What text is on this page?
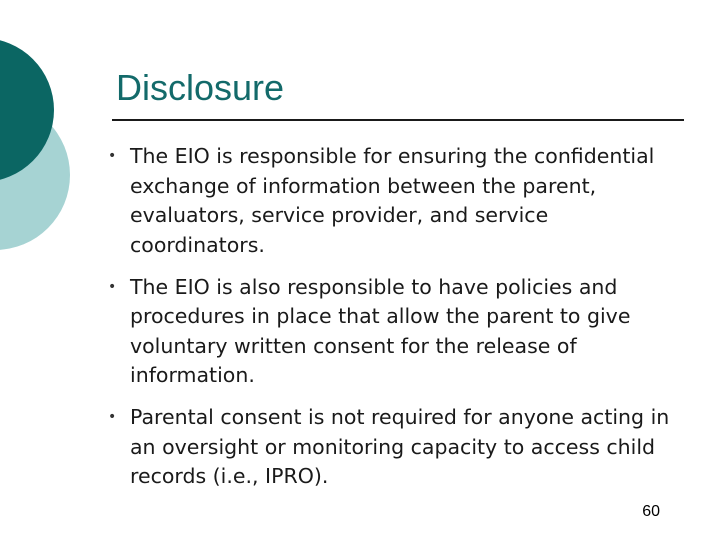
Disclosure
• The EIO is responsible for ensuring the confidential exchange of information between the parent, evaluators, service provider, and service coordinators.
• The EIO is also responsible to have policies and procedures in place that allow the parent to give voluntary written consent for the release of information.
• Parental consent is not required for anyone acting in an oversight or monitoring capacity to access child records (i.e., IPRO).
60
